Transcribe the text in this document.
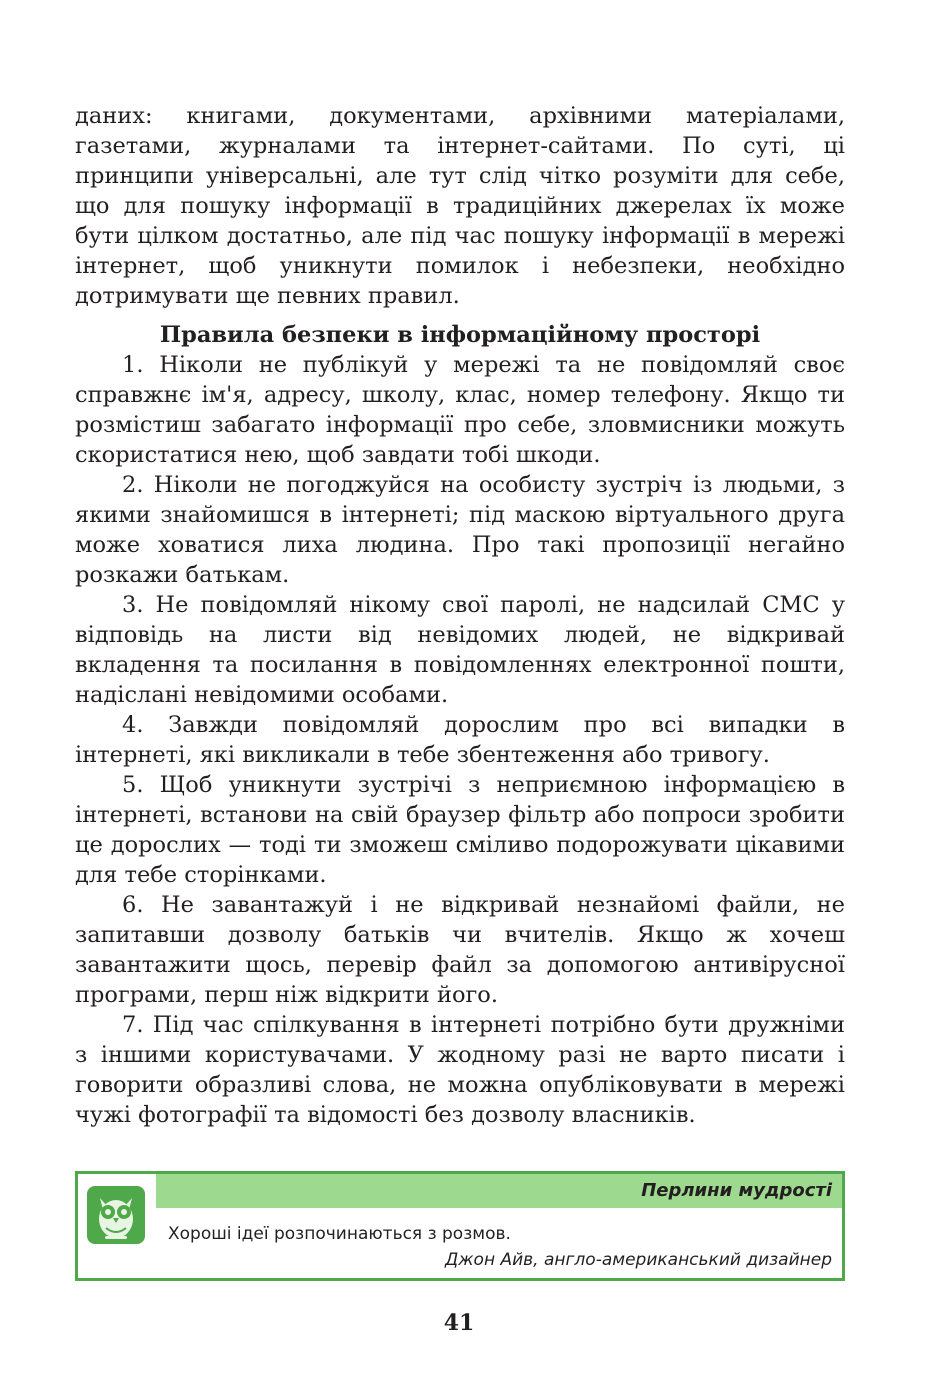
даних: книгами, документами, архівними матеріалами, газетами, журналами та інтернет-сайтами. По суті, ці принципи універсальні, але тут слід чітко розуміти для себе, що для пошуку інформації в традиційних джерелах їх може бути цілком достатньо, але під час пошуку інформації в мережі інтернет, щоб уникнути помилок і небезпеки, необхідно дотримувати ще певних правил.

Правила безпеки в інформаційному просторі

1. Ніколи не публікуй у мережі та не повідомляй своє справжнє ім'я, адресу, школу, клас, номер телефону. Якщо ти розмістиш забагато інформації про себе, зловмисники можуть скористатися нею, щоб завдати тобі шкоди.

2. Ніколи не погоджуйся на особисту зустріч із людьми, з якими знайомишся в інтернеті; під маскою віртуального друга може ховатися лиха людина. Про такі пропозиції негайно розкажи батькам.

3. Не повідомляй нікому свої паролі, не надсилай СМС у відповідь на листи від невідомих людей, не відкривай вкладення та посилання в повідомленнях електронної пошти, надіслані невідомими особами.

4. Завжди повідомляй дорослим про всі випадки в інтернеті, які викликали в тебе збентеження або тривогу.

5. Щоб уникнути зустрічі з неприємною інформацією в інтернеті, встанови на свій браузер фільтр або попроси зробити це дорослих — тоді ти зможеш сміливо подорожувати цікавими для тебе сторінками.

6. Не завантажуй і не відкривай незнайомі файли, не запитавши дозволу батьків чи вчителів. Якщо ж хочеш завантажити щось, перевір файл за допомогою антивірусної програми, перш ніж відкрити його.

7. Під час спілкування в інтернеті потрібно бути дружніми з іншими користувачами. У жодному разі не варто писати і говорити образливі слова, не можна опубліковувати в мережі чужі фотографії та відомості без дозволу власників.

Перлини мудрості
Хороші ідеї розпочинаються з розмов.
Джон Айв, англо-американський дизайнер
41
